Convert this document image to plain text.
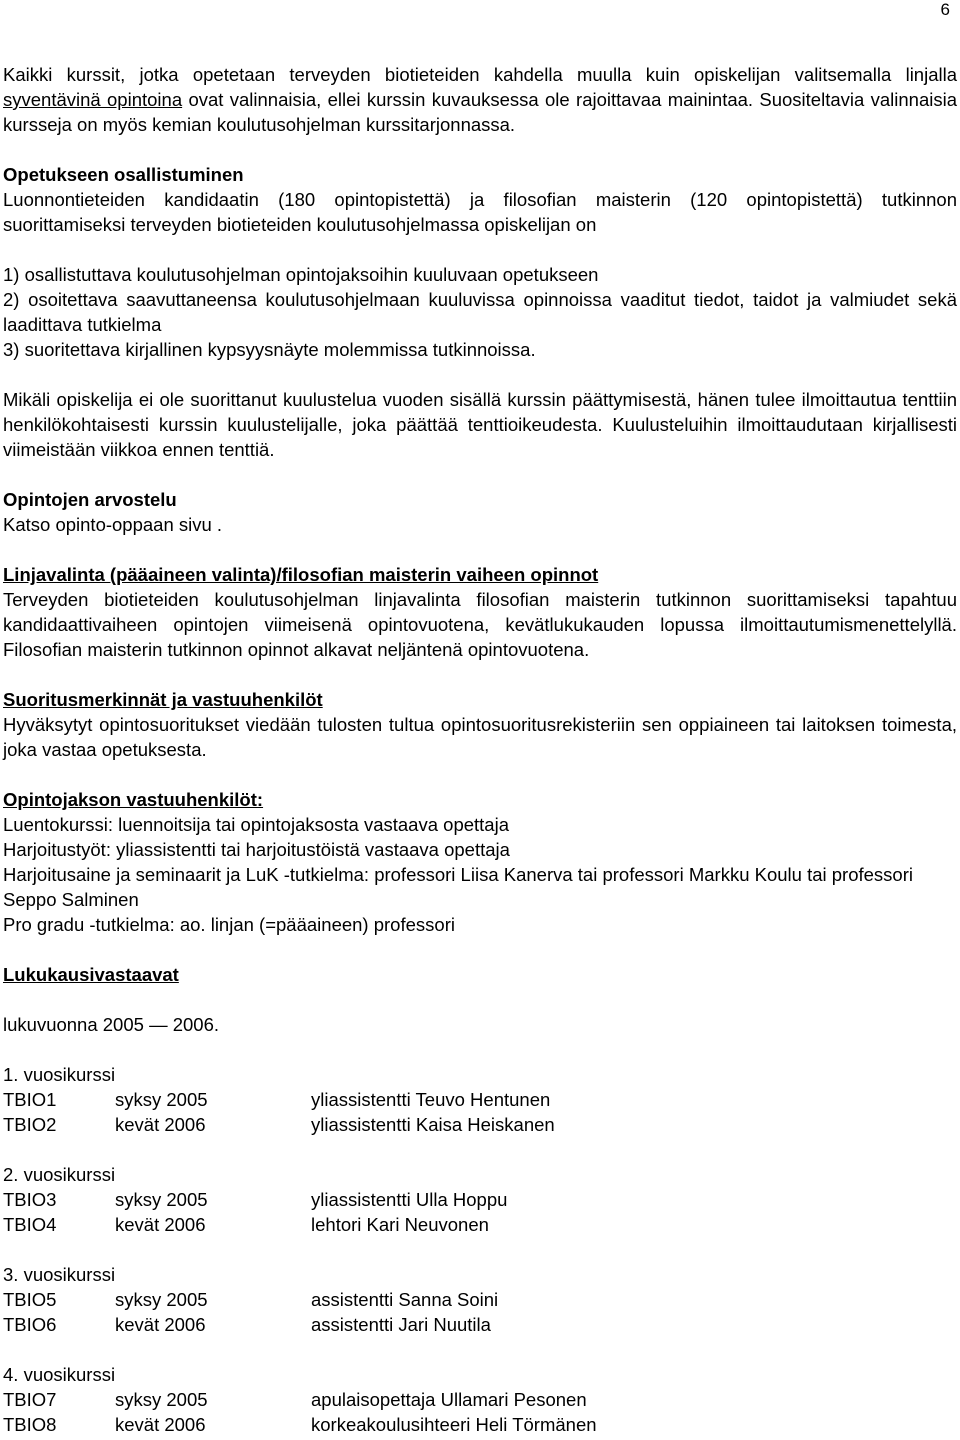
6

Kaikki kurssit, jotka opetetaan terveyden biotieteiden kahdella muulla kuin opiskelijan valitsemalla linjalla syventävinä opintoina ovat valinnaisia, ellei kurssin kuvauksessa ole rajoittavaa mainintaa. Suositeltavia valinnaisia kursseja on myös kemian koulutusohjelman kurssitarjonnassa.

Opetukseen osallistuminen

Luonnontieteiden kandidaatin (180 opintopistettä) ja filosofian maisterin (120 opintopistettä) tutkinnon suorittamiseksi terveyden biotieteiden koulutusohjelmassa opiskelijan on

1) osallistuttava koulutusohjelman opintojaksoihin kuuluvaan opetukseen

2) osoitettava saavuttaneensa koulutusohjelmaan kuuluvissa opinnoissa vaaditut tiedot, taidot ja valmiudet sekä laadittava tutkielma

3) suoritettava kirjallinen kypsyysnäyte molemmissa tutkinnoissa.

Mikäli opiskelija ei ole suorittanut kuulustelua vuoden sisällä kurssin päättymisestä, hänen tulee ilmoittautua tenttiin henkilökohtaisesti kurssin kuulustelijalle, joka päättää tenttioikeudesta. Kuulusteluihin ilmoittaudutaan kirjallisesti viimeistään viikkoa ennen tenttiä.

Opintojen arvostelu

Katso opinto-oppaan sivu .

Linjavalinta (pääaineen valinta)/filosofian maisterin vaiheen opinnot

Terveyden biotieteiden koulutusohjelman linjavalinta filosofian maisterin tutkinnon suorittamiseksi tapahtuu kandidaattivaiheen opintojen viimeisenä opintovuotena, kevätlukukauden lopussa ilmoittautumismenettelyllä. Filosofian maisterin tutkinnon opinnot alkavat neljäntenä opintovuotena.

Suoritusmerkinnät ja vastuuhenkilöt

Hyväksytyt opintosuoritukset viedään tulosten tultua opintosuoritusrekisteriin sen oppiaineen tai laitoksen toimesta, joka vastaa opetuksesta.

Opintojakson vastuuhenkilöt:

Luentokurssi: luennoitsija tai opintojaksosta vastaava opettaja

Harjoitustyöt: yliassistentti tai harjoitustöistä vastaava opettaja

Harjoitusaine ja seminaarit ja LuK -tutkielma: professori Liisa Kanerva tai professori Markku Koulu tai professori Seppo Salminen

Pro gradu -tutkielma: ao. linjan (=pääaineen) professori

Lukukausivastaavat

lukuvuonna 2005 — 2006.

1. vuosikurssi

TBIO1	syksy 2005	yliassistentti Teuvo Hentunen
TBIO2	kevät 2006	yliassistentti Kaisa Heiskanen

2. vuosikurssi

TBIO3	syksy 2005	yliassistentti Ulla Hoppu
TBIO4	kevät 2006	lehtori Kari Neuvonen

3. vuosikurssi

TBIO5	syksy 2005	assistentti Sanna Soini
TBIO6	kevät 2006	assistentti Jari Nuutila

4. vuosikurssi

TBIO7	syksy 2005	apulaisopettaja Ullamari Pesonen
TBIO8	kevät 2006	korkeakoulusihteeri Heli Törmänen
